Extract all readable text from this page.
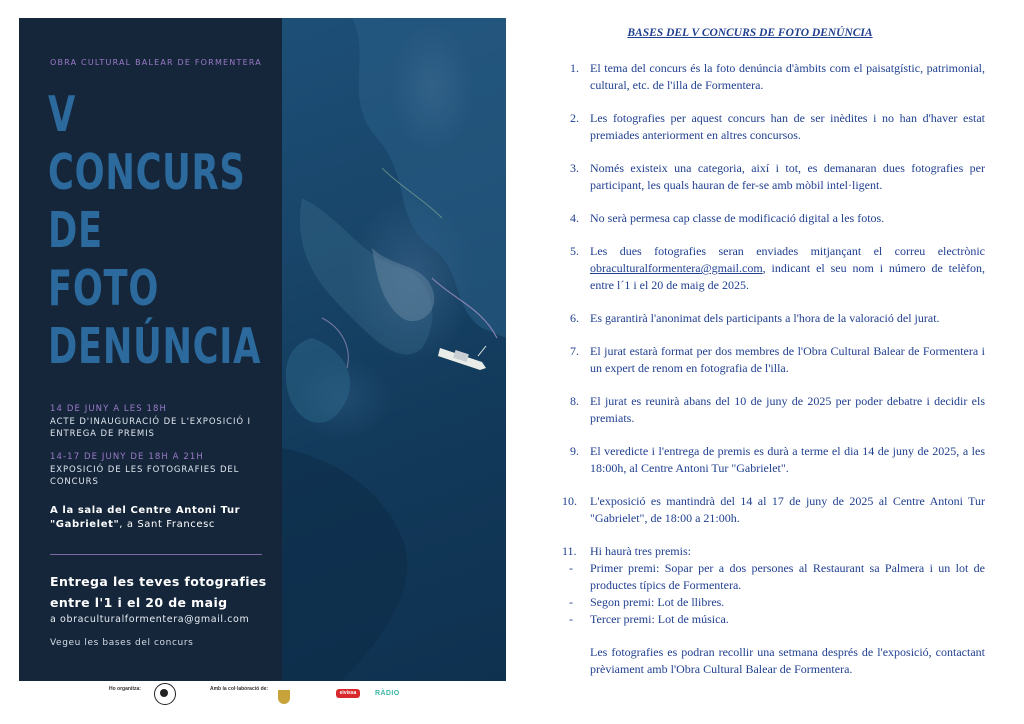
OBRA CULTURAL BALEAR DE FORMENTERA
V CONCURS
DE FOTO
DENÚNCIA
14 DE JUNY A LES 18H
ACTE D'INAUGURACIÓ DE L'EXPOSICIÓ I ENTREGA DE PREMIS
14-17 DE JUNY DE 18H A 21H
EXPOSICIÓ DE LES FOTOGRAFIES DEL CONCURS
A la sala del Centre Antoni Tur "Gabrielet", a Sant Francesc
Entrega les teves fotografies
entre l'1 i el 20 de maig
a obraculturalformentera@gmail.com
Vegeu les bases del concurs
Ho organitza:	Amb la col·laboració de:
eivissa	RÀDIO
BASES DEL V CONCURS DE FOTO DENÚNCIA
1. El tema del concurs és la foto denúncia d'àmbits com el paisatgístic, patrimonial, cultural, etc. de l'illa de Formentera.
2. Les fotografies per aquest concurs han de ser inèdites i no han d'haver estat premiades anteriorment en altres concursos.
3. Només existeix una categoria, així i tot, es demanaran dues fotografies per participant, les quals hauran de fer-se amb mòbil intel·ligent.
4. No serà permesa cap classe de modificació digital a les fotos.
5. Les dues fotografies seran enviades mitjançant el correu electrònic obraculturalformentera@gmail.com, indicant el seu nom i número de telèfon, entre l´1 i el 20 de maig de 2025.
6. Es garantirà l'anonimat dels participants a l'hora de la valoració del jurat.
7. El jurat estarà format per dos membres de l'Obra Cultural Balear de Formentera i un expert de renom en fotografia de l'illa.
8. El jurat es reunirà abans del 10 de juny de 2025 per poder debatre i decidir els premiats.
9. El veredicte i l'entrega de premis es durà a terme el dia 14 de juny de 2025, a les 18:00h, al Centre Antoni Tur "Gabrielet".
10. L'exposició es mantindrà del 14 al 17 de juny de 2025 al Centre Antoni Tur "Gabrielet", de 18:00 a 21:00h.
11. Hi haurà tres premis:
- Primer premi: Sopar per a dos persones al Restaurant sa Palmera i un lot de productes típics de Formentera.
- Segon premi: Lot de llibres.
- Tercer premi: Lot de música.
Les fotografies es podran recollir una setmana després de l'exposició, contactant prèviament amb l'Obra Cultural Balear de Formentera.
